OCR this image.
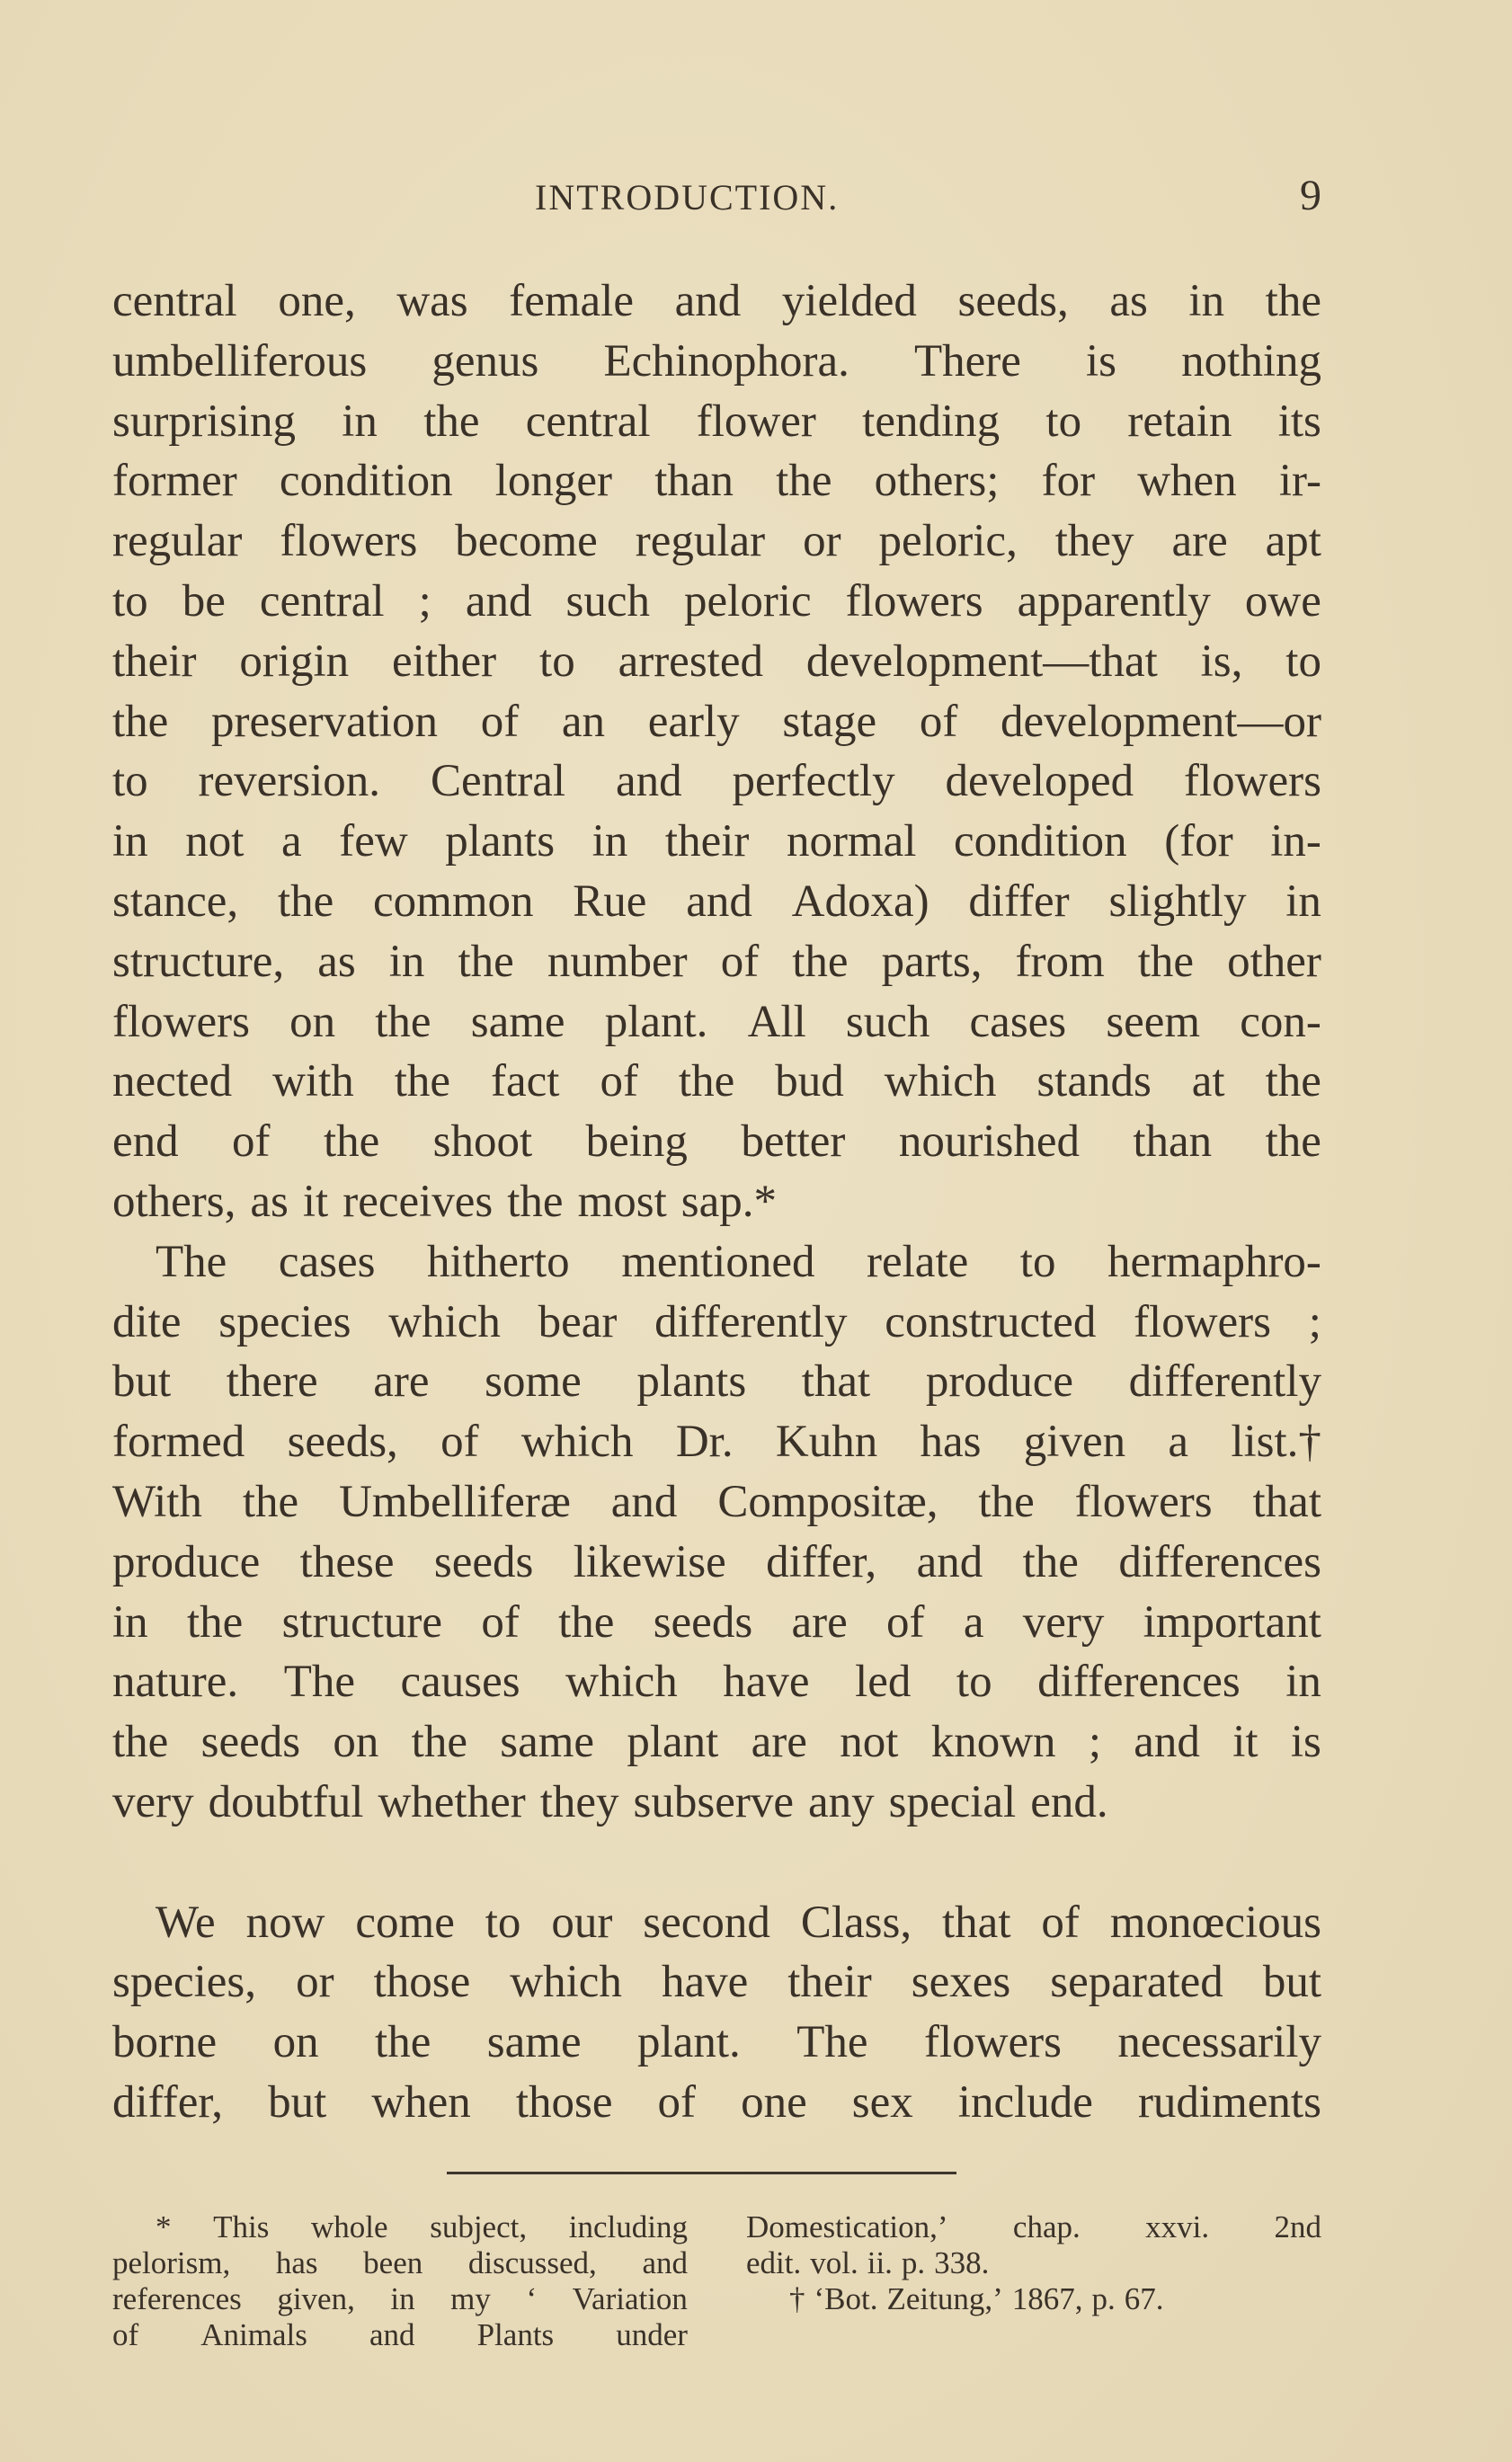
INTRODUCTION.	9
central one, was female and yielded seeds, as in the
umbelliferous genus Echinophora. There is nothing
surprising in the central flower tending to retain its
former condition longer than the others; for when ir-
regular flowers become regular or peloric, they are apt
to be central ; and such peloric flowers apparently owe
their origin either to arrested development—that is, to
the preservation of an early stage of development—or
to reversion. Central and perfectly developed flowers
in not a few plants in their normal condition (for in-
stance, the common Rue and Adoxa) differ slightly in
structure, as in the number of the parts, from the other
flowers on the same plant. All such cases seem con-
nected with the fact of the bud which stands at the
end of the shoot being better nourished than the
others, as it receives the most sap.*
The cases hitherto mentioned relate to hermaphro-
dite species which bear differently constructed flowers ;
but there are some plants that produce differently
formed seeds, of which Dr. Kuhn has given a list.†
With the Umbelliferæ and Compositæ, the flowers that
produce these seeds likewise differ, and the differences
in the structure of the seeds are of a very important
nature. The causes which have led to differences in
the seeds on the same plant are not known ; and it is
very doubtful whether they subserve any special end.
We now come to our second Class, that of monœcious
species, or those which have their sexes separated but
borne on the same plant. The flowers necessarily
differ, but when those of one sex include rudiments
* This whole subject, including
pelorism, has been discussed, and
references given, in my ‘ Variation
of Animals and Plants under
Domestication,’ chap. xxvi. 2nd
edit. vol. ii. p. 338.
† ‘Bot. Zeitung,’ 1867, p. 67.
